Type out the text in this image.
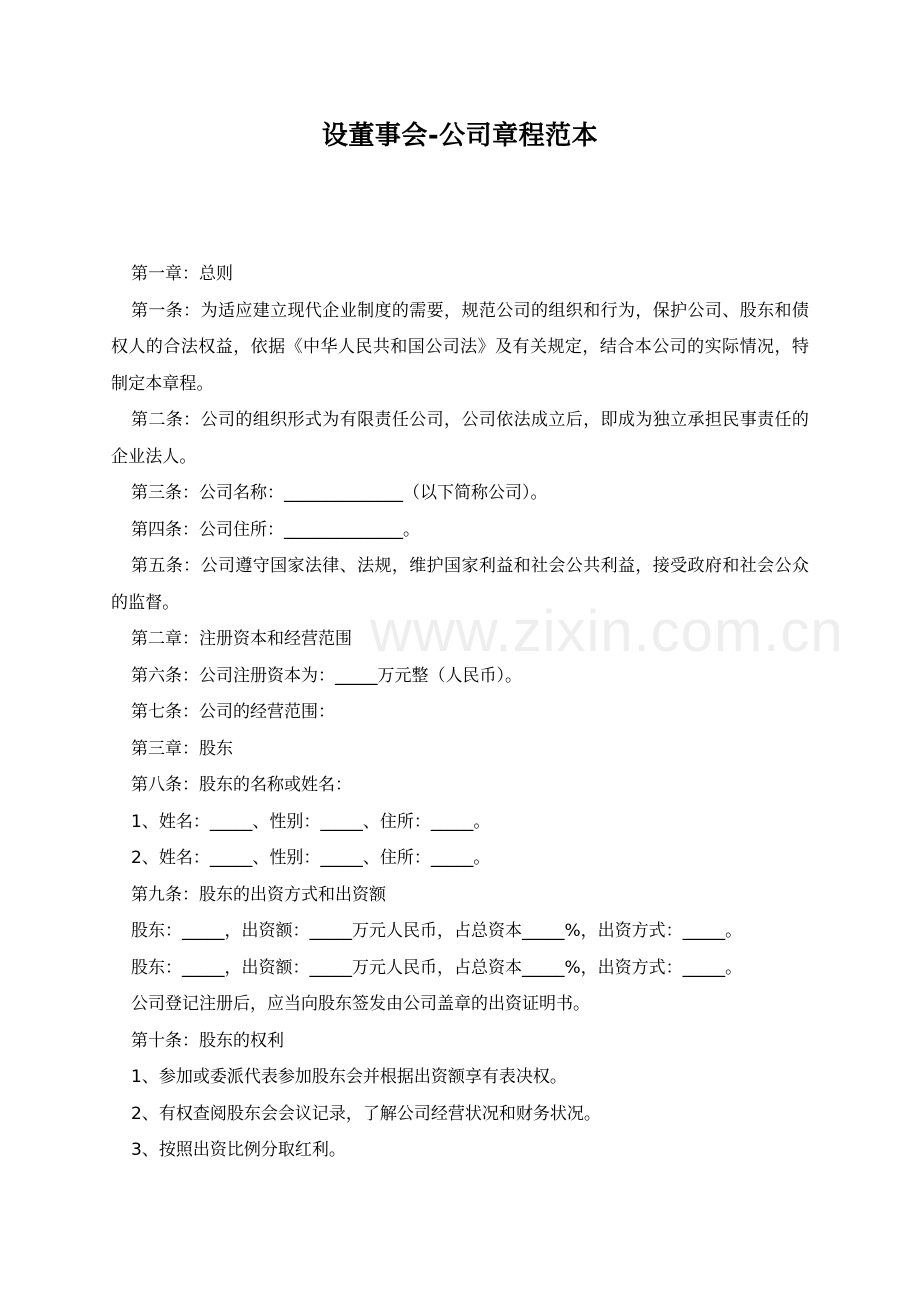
www.zixin.com.cn
设董事会-公司章程范本

第一章：总则

第一条：为适应建立现代企业制度的需要，规范公司的组织和行为，保护公司、股东和债权人的合法权益，依据《中华人民共和国公司法》及有关规定，结合本公司的实际情况，特制定本章程。

第二条：公司的组织形式为有限责任公司，公司依法成立后，即成为独立承担民事责任的企业法人。

第三条：公司名称：______________（以下简称公司）。

第四条：公司住所：______________。

第五条：公司遵守国家法律、法规，维护国家利益和社会公共利益，接受政府和社会公众的监督。

第二章：注册资本和经营范围

第六条：公司注册资本为：_____万元整（人民币）。

第七条：公司的经营范围：

第三章：股东

第八条：股东的名称或姓名：

1、姓名：_____、性别：_____、住所：_____。

2、姓名：_____、性别：_____、住所：_____。

第九条：股东的出资方式和出资额

股东：_____，出资额：_____万元人民币，占总资本_____%，出资方式：_____。

股东：_____，出资额：_____万元人民币，占总资本_____%，出资方式：_____。

公司登记注册后，应当向股东签发由公司盖章的出资证明书。

第十条：股东的权利

1、参加或委派代表参加股东会并根据出资额享有表决权。

2、有权查阅股东会会议记录，了解公司经营状况和财务状况。

3、按照出资比例分取红利。
